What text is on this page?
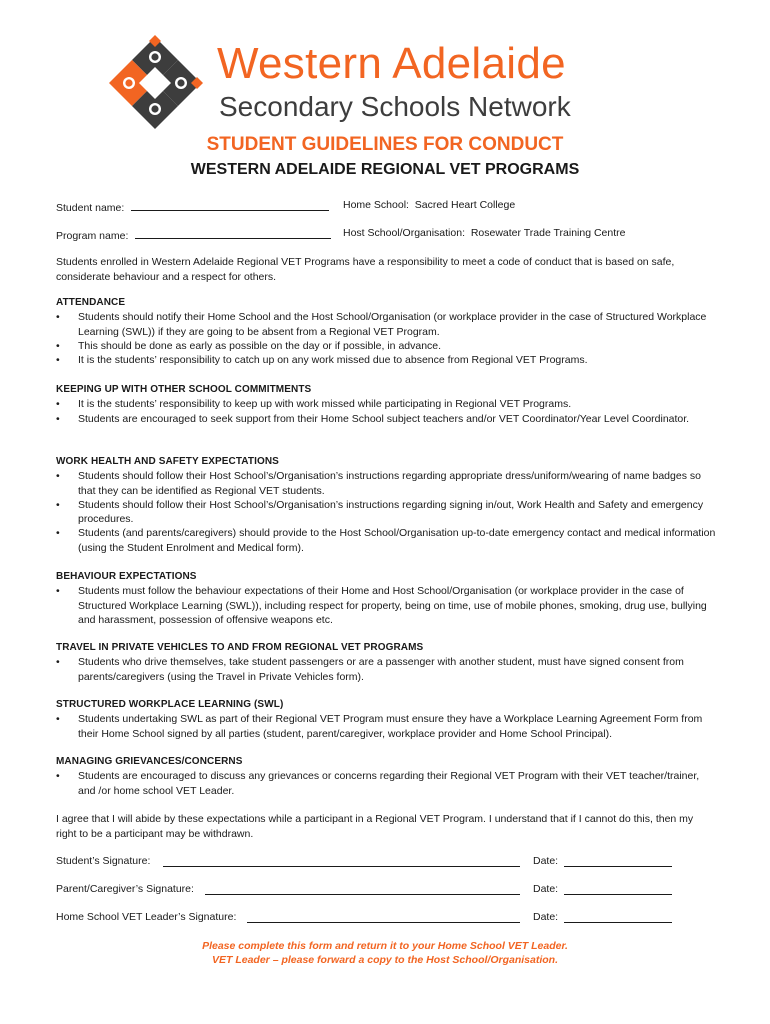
Western Adelaide
Secondary Schools Network
STUDENT GUIDELINES FOR CONDUCT
WESTERN ADELAIDE REGIONAL VET PROGRAMS
Student name:	Home School: Sacred Heart College
Program name:	Host School/Organisation: Rosewater Trade Training Centre
Students enrolled in Western Adelaide Regional VET Programs have a responsibility to meet a code of conduct that is based on safe, considerate behaviour and a respect for others.
ATTENDANCE
• Students should notify their Home School and the Host School/Organisation (or workplace provider in the case of Structured Workplace Learning (SWL)) if they are going to be absent from a Regional VET Program.
• This should be done as early as possible on the day or if possible, in advance.
• It is the students’ responsibility to catch up on any work missed due to absence from Regional VET Programs.
KEEPING UP WITH OTHER SCHOOL COMMITMENTS
• It is the students’ responsibility to keep up with work missed while participating in Regional VET Programs.
• Students are encouraged to seek support from their Home School subject teachers and/or VET Coordinator/Year Level Coordinator.
WORK HEALTH AND SAFETY EXPECTATIONS
• Students should follow their Host School’s/Organisation’s instructions regarding appropriate dress/uniform/wearing of name badges so that they can be identified as Regional VET students.
• Students should follow their Host School’s/Organisation’s instructions regarding signing in/out, Work Health and Safety and emergency procedures.
• Students (and parents/caregivers) should provide to the Host School/Organisation up-to-date emergency contact and medical information (using the Student Enrolment and Medical form).
BEHAVIOUR EXPECTATIONS
• Students must follow the behaviour expectations of their Home and Host School/Organisation (or workplace provider in the case of Structured Workplace Learning (SWL)), including respect for property, being on time, use of mobile phones, smoking, drug use, bullying and harassment, possession of offensive weapons etc.
TRAVEL IN PRIVATE VEHICLES TO AND FROM REGIONAL VET PROGRAMS
• Students who drive themselves, take student passengers or are a passenger with another student, must have signed consent from parents/caregivers (using the Travel in Private Vehicles form).
STRUCTURED WORKPLACE LEARNING (SWL)
• Students undertaking SWL as part of their Regional VET Program must ensure they have a Workplace Learning Agreement Form from their Home School signed by all parties (student, parent/caregiver, workplace provider and Home School Principal).
MANAGING GRIEVANCES/CONCERNS
• Students are encouraged to discuss any grievances or concerns regarding their Regional VET Program with their VET teacher/trainer, and /or home school VET Leader.
I agree that I will abide by these expectations while a participant in a Regional VET Program. I understand that if I cannot do this, then my right to be a participant may be withdrawn.
Student’s Signature:	Date:
Parent/Caregiver’s Signature:	Date:
Home School VET Leader’s Signature:	Date:
Please complete this form and return it to your Home School VET Leader.
VET Leader – please forward a copy to the Host School/Organisation.
